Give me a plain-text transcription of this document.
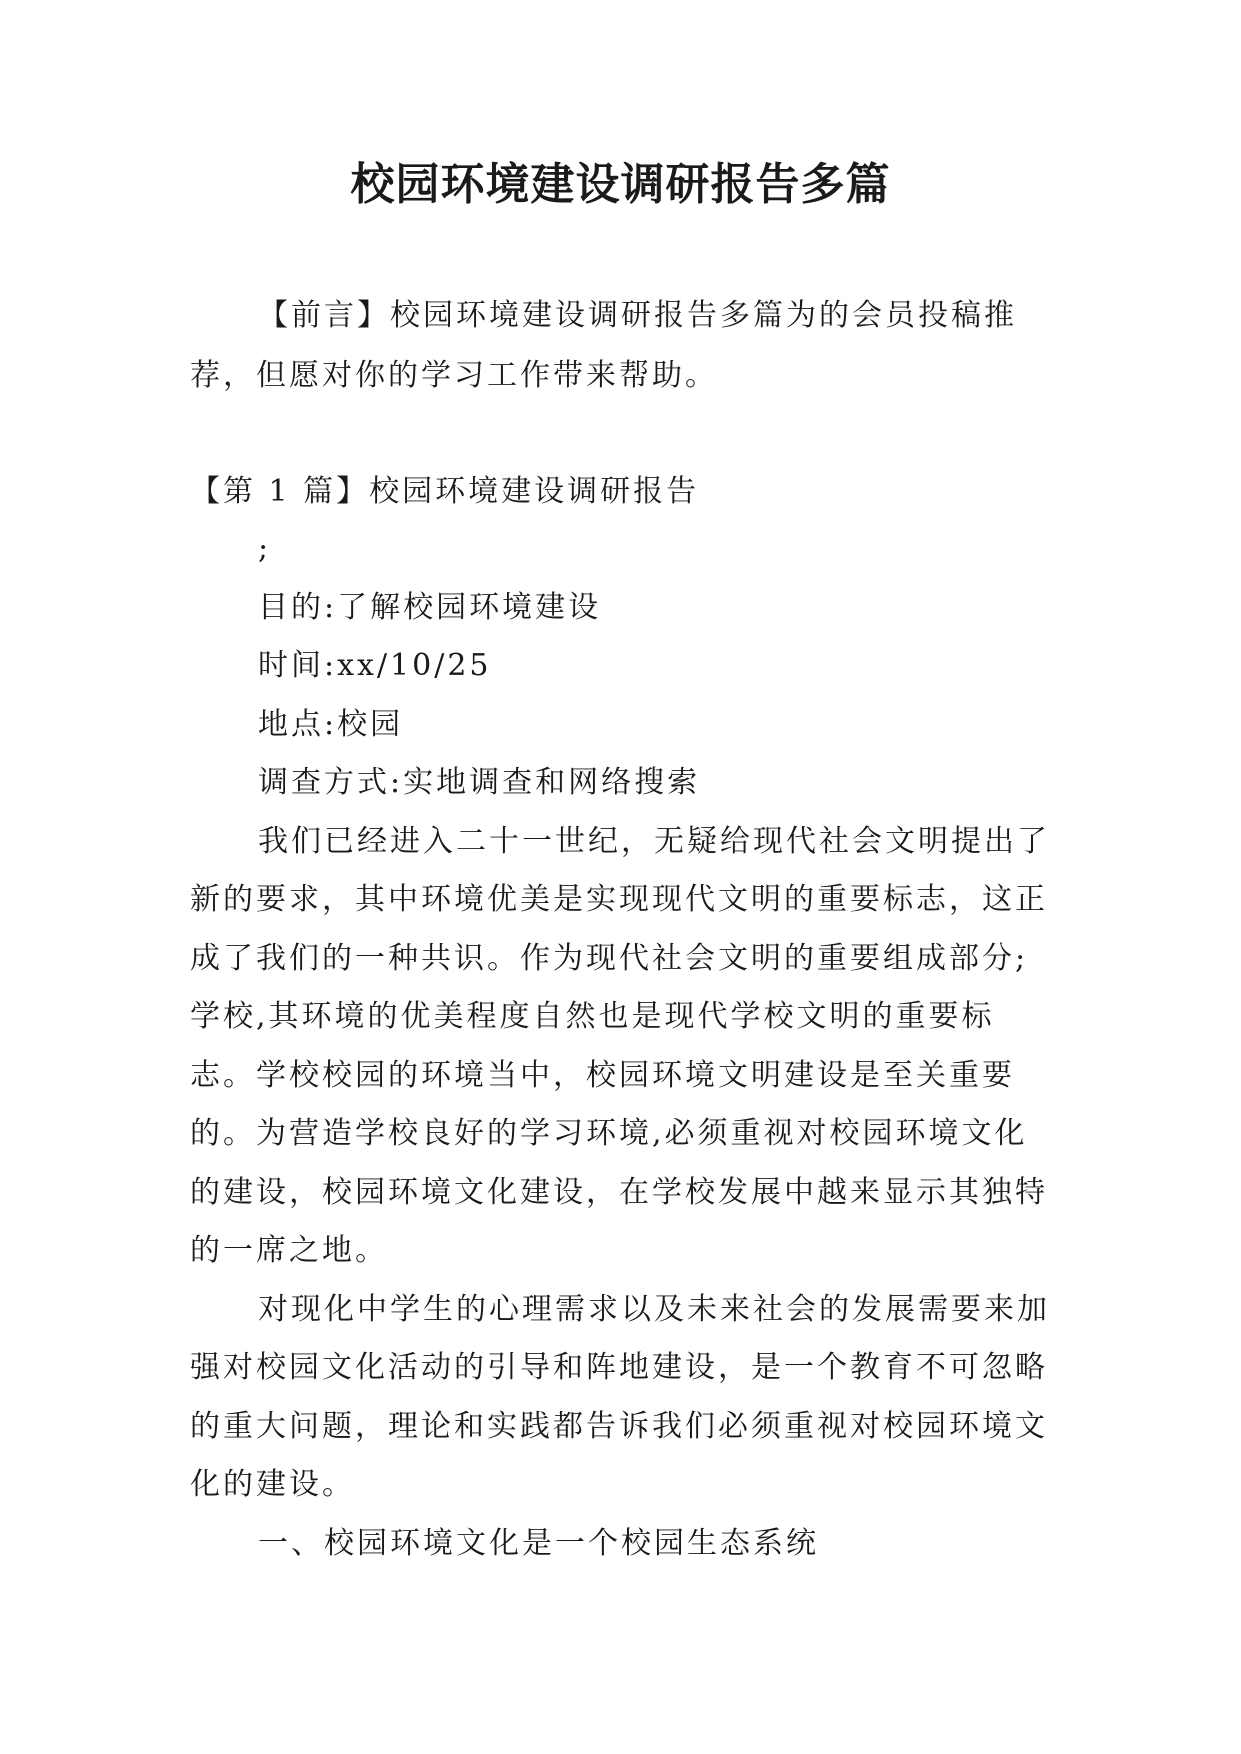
校园环境建设调研报告多篇

【前言】校园环境建设调研报告多篇为的会员投稿推荐，但愿对你的学习工作带来帮助。

【第 1 篇】校园环境建设调研报告

;

目的:了解校园环境建设

时间:xx/10/25

地点:校园

调查方式:实地调查和网络搜索

我们已经进入二十一世纪，无疑给现代社会文明提出了新的要求，其中环境优美是实现现代文明的重要标志，这正成了我们的一种共识。作为现代社会文明的重要组成部分;学校,其环境的优美程度自然也是现代学校文明的重要标志。学校校园的环境当中，校园环境文明建设是至关重要的。为营造学校良好的学习环境,必须重视对校园环境文化的建设，校园环境文化建设，在学校发展中越来显示其独特的一席之地。

对现化中学生的心理需求以及未来社会的发展需要来加强对校园文化活动的引导和阵地建设，是一个教育不可忽略的重大问题，理论和实践都告诉我们必须重视对校园环境文化的建设。

一、校园环境文化是一个校园生态系统
